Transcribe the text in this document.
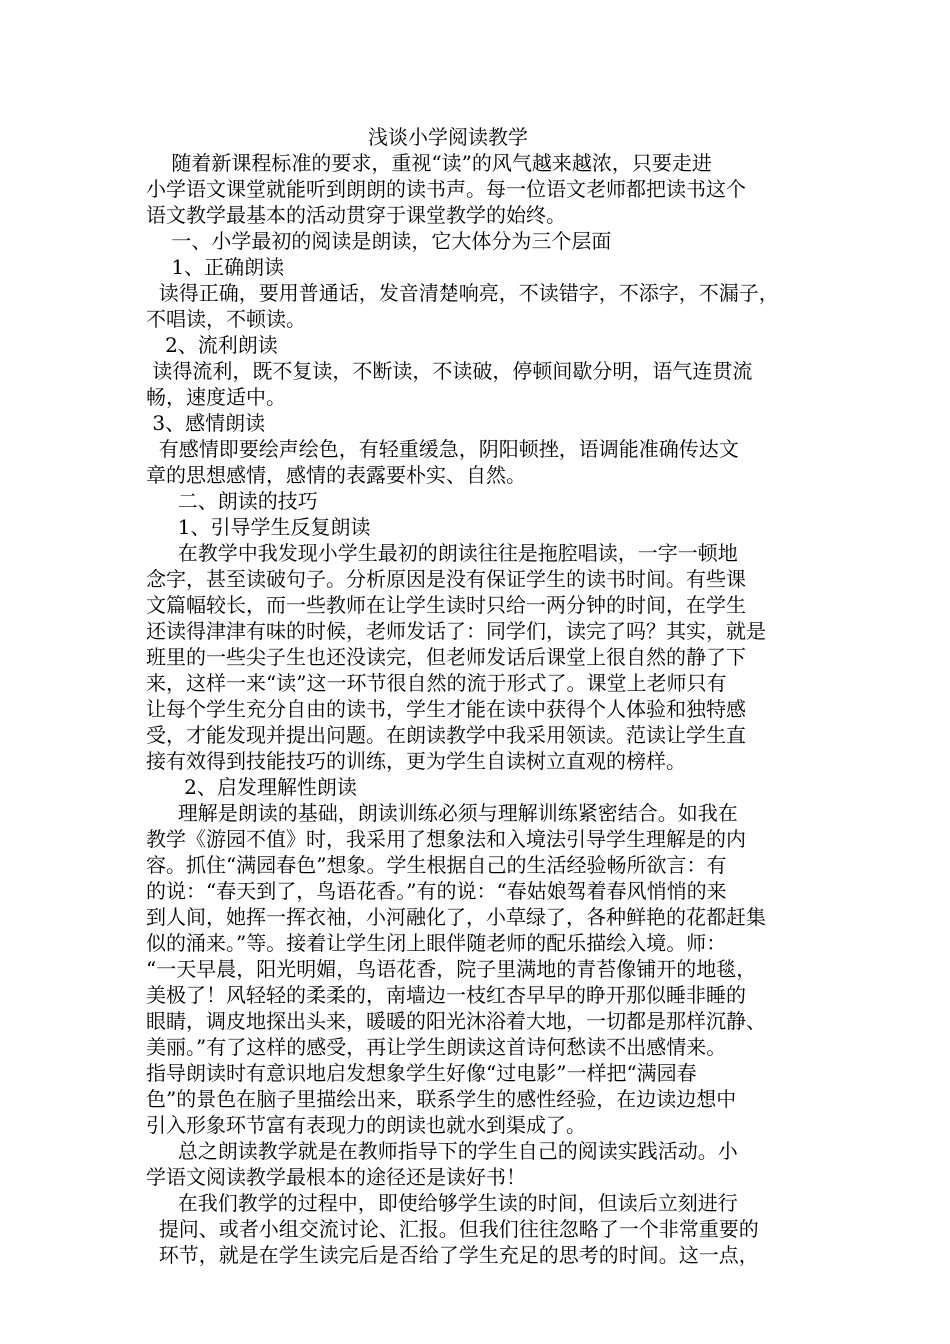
浅谈小学阅读教学
随着新课程标准的要求，重视“读”的风气越来越浓，只要走进
小学语文课堂就能听到朗朗的读书声。每一位语文老师都把读书这个
语文教学最基本的活动贯穿于课堂教学的始终。
一、小学最初的阅读是朗读，它大体分为三个层面
1、正确朗读
读得正确，要用普通话，发音清楚响亮，不读错字，不添字，不漏子，
不唱读，不顿读。
2、流利朗读
读得流利，既不复读，不断读，不读破，停顿间歇分明，语气连贯流
畅，速度适中。
3、感情朗读
有感情即要绘声绘色，有轻重缓急，阴阳顿挫，语调能准确传达文
章的思想感情，感情的表露要朴实、自然。
二、朗读的技巧
1、引导学生反复朗读
在教学中我发现小学生最初的朗读往往是拖腔唱读，一字一顿地
念字，甚至读破句子。分析原因是没有保证学生的读书时间。有些课
文篇幅较长，而一些教师在让学生读时只给一两分钟的时间，在学生
还读得津津有味的时候，老师发话了：同学们，读完了吗？其实，就是
班里的一些尖子生也还没读完，但老师发话后课堂上很自然的静了下
来，这样一来“读”这一环节很自然的流于形式了。课堂上老师只有
让每个学生充分自由的读书，学生才能在读中获得个人体验和独特感
受，才能发现并提出问题。在朗读教学中我采用领读。范读让学生直
接有效得到技能技巧的训练，更为学生自读树立直观的榜样。
2、启发理解性朗读
理解是朗读的基础，朗读训练必须与理解训练紧密结合。如我在
教学《游园不值》时，我采用了想象法和入境法引导学生理解是的内
容。抓住“满园春色”想象。学生根据自己的生活经验畅所欲言：有
的说：“春天到了，鸟语花香。”有的说：“春姑娘驾着春风悄悄的来
到人间，她挥一挥衣袖，小河融化了，小草绿了，各种鲜艳的花都赶集
似的涌来。”等。接着让学生闭上眼伴随老师的配乐描绘入境。师：
“一天早晨，阳光明媚，鸟语花香，院子里满地的青苔像铺开的地毯，
美极了！风轻轻的柔柔的，南墙边一枝红杏早早的睁开那似睡非睡的
眼睛，调皮地探出头来，暖暖的阳光沐浴着大地，一切都是那样沉静、
美丽。”有了这样的感受，再让学生朗读这首诗何愁读不出感情来。
指导朗读时有意识地启发想象学生好像“过电影”一样把“满园春
色”的景色在脑子里描绘出来，联系学生的感性经验，在边读边想中
引入形象环节富有表现力的朗读也就水到渠成了。
总之朗读教学就是在教师指导下的学生自己的阅读实践活动。小
学语文阅读教学最根本的途径还是读好书！
在我们教学的过程中，即使给够学生读的时间，但读后立刻进行
提问、或者小组交流讨论、汇报。但我们往往忽略了一个非常重要的
环节，就是在学生读完后是否给了学生充足的思考的时间。这一点，
